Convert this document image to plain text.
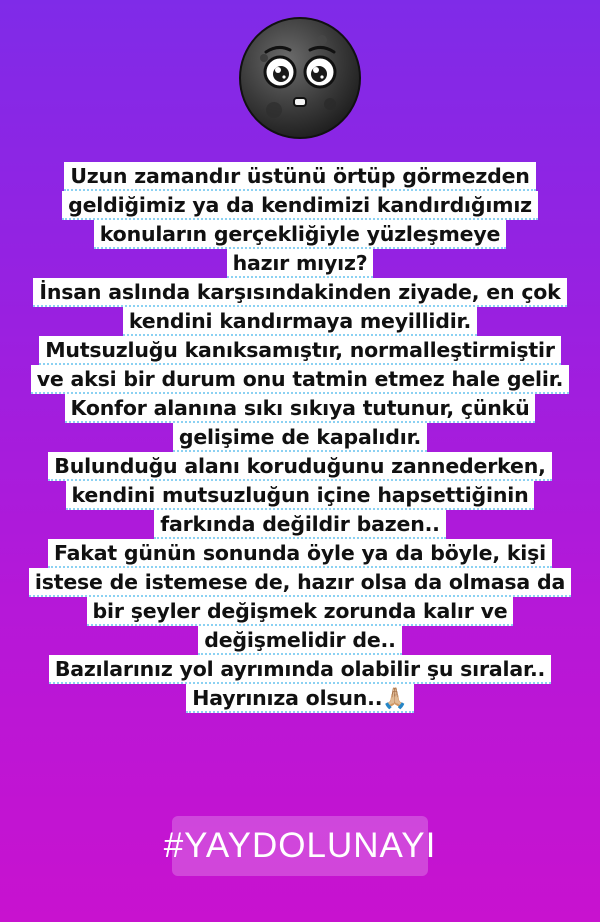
Uzun zamandır üstünü örtüp görmezden
geldiğimiz ya da kendimizi kandırdığımız
konuların gerçekliğiyle yüzleşmeye
hazır mıyız?
İnsan aslında karşısındakinden ziyade, en çok
kendini kandırmaya meyillidir.
Mutsuzluğu kanıksamıştır, normalleştirmiştir
ve aksi bir durum onu tatmin etmez hale gelir.
Konfor alanına sıkı sıkıya tutunur, çünkü
gelişime de kapalıdır.
Bulunduğu alanı koruduğunu zannederken,
kendini mutsuzluğun içine hapsettiğinin
farkında değildir bazen..
Fakat günün sonunda öyle ya da böyle, kişi
istese de istemese de, hazır olsa da olmasa da
bir şeyler değişmek zorunda kalır ve
değişmelidir de..
Bazılarınız yol ayrımında olabilir şu sıralar..
Hayrınıza olsun..🙏🏼
#YAYDOLUNAYI
